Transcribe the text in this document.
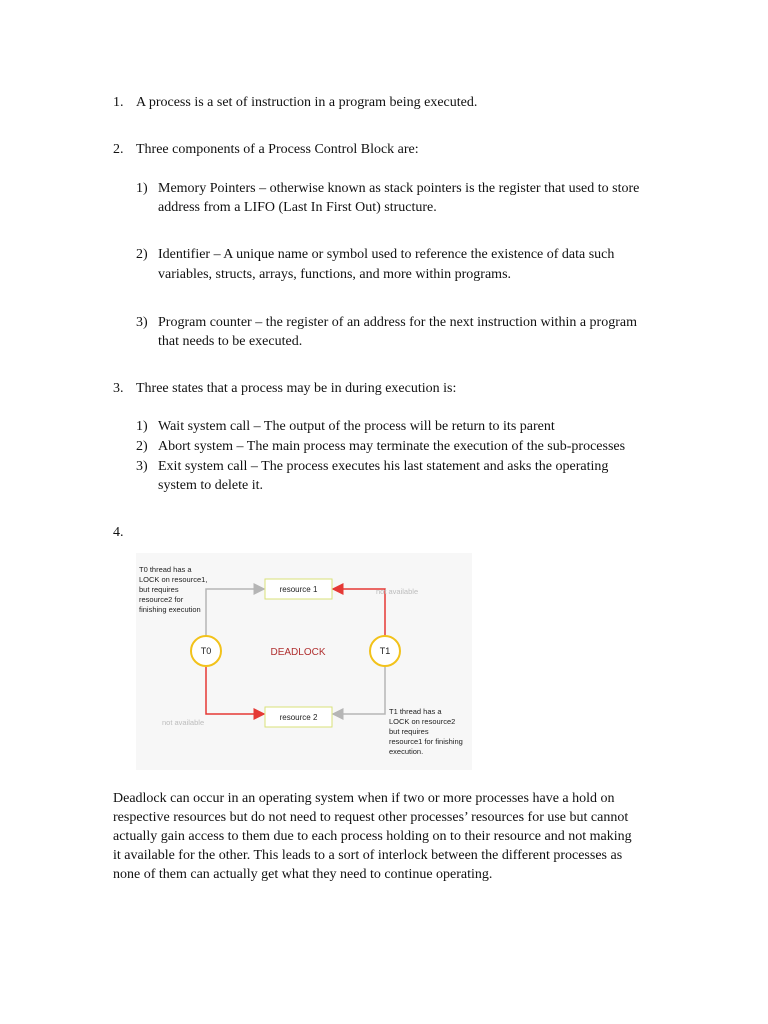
1. A process is a set of instruction in a program being executed.

2. Three components of a Process Control Block are:

1) Memory Pointers – otherwise known as stack pointers is the register that used to store

address from a LIFO (Last In First Out) structure.

2) Identifier – A unique name or symbol used to reference the existence of data such

variables, structs, arrays, functions, and more within programs.

3) Program counter – the register of an address for the next instruction within a program

that needs to be executed.

3. Three states that a process may be in during execution is:

1) Wait system call – The output of the process will be return to its parent

2) Abort system – The main process may terminate the execution of the sub-processes

3) Exit system call – The process executes his last statement and asks the operating

system to delete it.

4.

resource 1
resource 2
T0	T1
DEADLOCK
not available
not available
T0 thread has a LOCK on resource1, but requires resource2 for finishing execution
T1 thread has a LOCK on resource2 but requires resource1 for finishing execution.

Deadlock can occur in an operating system when if two or more processes have a hold on

respective resources but do not need to request other processes’ resources for use but cannot

actually gain access to them due to each process holding on to their resource and not making

it available for the other. This leads to a sort of interlock between the different processes as

none of them can actually get what they need to continue operating.
